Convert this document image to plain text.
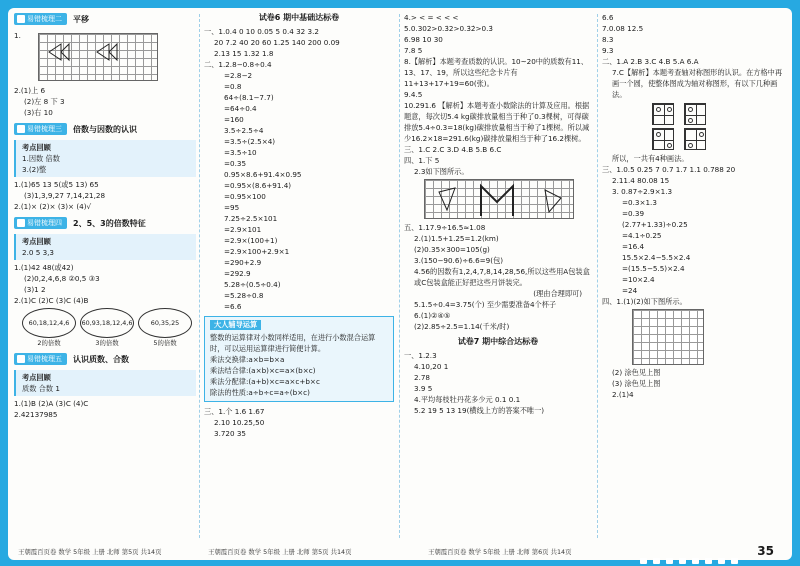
易错梳理二 平移
1.
2.(1)上 6
(2)左 8 下 3
(3)右 10
易错梳理三 倍数与因数的认识
考点回顾
1.因数 倍数
3.(2)整
1.(1)65 13 5(或5 13) 65
(3)1,3,9,27 7,14,21,28
2.(1)× (2)× (3)× (4)√
易错梳理四 2、5、3的倍数特征
考点回顾
2.0 5 3,3
1.(1)42 48(或42)
(2)0,2,4,6,8 ②0,5 ③3
(3)1 2
2.(1)C (2)C (3)C (4)B
60,18,12,4,6	60,93,18,12,4,6	60,35,25
2的倍数	3的倍数	5的倍数
易错梳理五 认识质数、合数
考点回顾
质数 合数 1
1.(1)B (2)A (3)C (4)C
2.42137985
王朝霞百页卷 数学 5年级 上册 北师 第5页 共14页
试卷6 期中基础达标卷
一、1.0.4 0 10 0.05 5 0.4 32 3.2
20 7.2 40 20 60 1.25 140 200 0.09
2.13 15 1.32 1.8
二、1.2.8−0.8÷0.4
=2.8−2
=0.8
64÷(8.1−7.7)
=64÷0.4
=160
3.5÷2.5÷4
=3.5÷(2.5×4)
=3.5÷10
=0.35
0.95×8.6+91.4×0.95
=0.95×(8.6+91.4)
=0.95×100
=95
7.25÷2.5×101
=2.9×101
=2.9×(100+1)
=2.9×100+2.9×1
=290+2.9
=292.9
5.28÷(0.5÷0.4)
=5.28÷0.8
=6.6
大人辅导运算
整数的运算律对小数同样适用，在进行小数混合运算时，可以运用运算律进行简便计算。
乘法交换律:a×b=b×a
乘法结合律:(a×b)×c=a×(b×c)
乘法分配律:(a+b)×c=a×c+b×c
除法的性质:a÷b÷c=a÷(b×c)
三、1.个 1.6 1.67
2.10 10.25,50
3.720 35
王朝霞百页卷 数学 5年级 上册 北师 第5页 共14页
4.> < = < < <
5.0.302>0.3̇2>0.3̇2̇>0.3̇
6.98 10 30
7.8 5
8.【解析】本题考查质数的认识。10~20中的质数有11、13、17、19，所以这些纪念卡片有11+13+17+19=60(张)。
9.4.5
10.291.6 【解析】本题考查小数除法的计算及应用。根据题意，每次切5.4 kg碳排放量相当于种了0.3棵树，可得碳排放5.4÷0.3=18(kg)碳排放量相当于种了1棵树。所以减少16.2×18=291.6(kg)碳排放量相当于种了16.2棵树。
三、1.C 2.C 3.D 4.B 5.B 6.C
四、1.下 5
2.3如下图所示。
五、1.17.9÷16.5≈1.08
2.(1)1.5+1.25=1.2(km)
(2)0.35×300=105(g)
3.(150−90.6)÷6.6=9(包)
4.56的因数有1,2,4,7,8,14,28,56,所以这些用A包装盒或C包装盒能正好把这些月饼装完。
(理由合理即可)
5.1.5÷0.4=3.75(个) 至少需要准备4个杯子
6.(1)②④⑤
(2)2.85÷2.5=1.14(千米/时)
试卷7 期中综合达标卷
一、1.2.3
4.10,20 1
2.78
3.9 5
4.平均每枝牡丹花多少元 0.1 0.1
5.2 19 5 13 19(横线上方的答案不唯一)
王朝霞百页卷 数学 5年级 上册 北师 第6页 共14页
6.6
7.0.08 12.5
8.3
9.3
二、1.A 2.B 3.C 4.B 5.A 6.A
7.C【解析】本题考查轴对称图形的认识。在方格中再画一个圆，使整体图成为轴对称图形，有以下几种画法。
所以，一共有4种画法。
三、1.0.5 0.25 7 0.7 1.7 1.1 0.788 20
2.11.4 80.08 15
3. 0.87÷2.9×1.3
=0.3×1.3
=0.39
(2.77+1.33)÷0.25
=4.1÷0.25
=16.4
15.5×2.4−5.5×2.4
=(15.5−5.5)×2.4
=10×2.4
=24
四、1.(1)(2)如下图所示。
(2) 涂色见上图
(3) 涂色见上图
2.(1)4
35
